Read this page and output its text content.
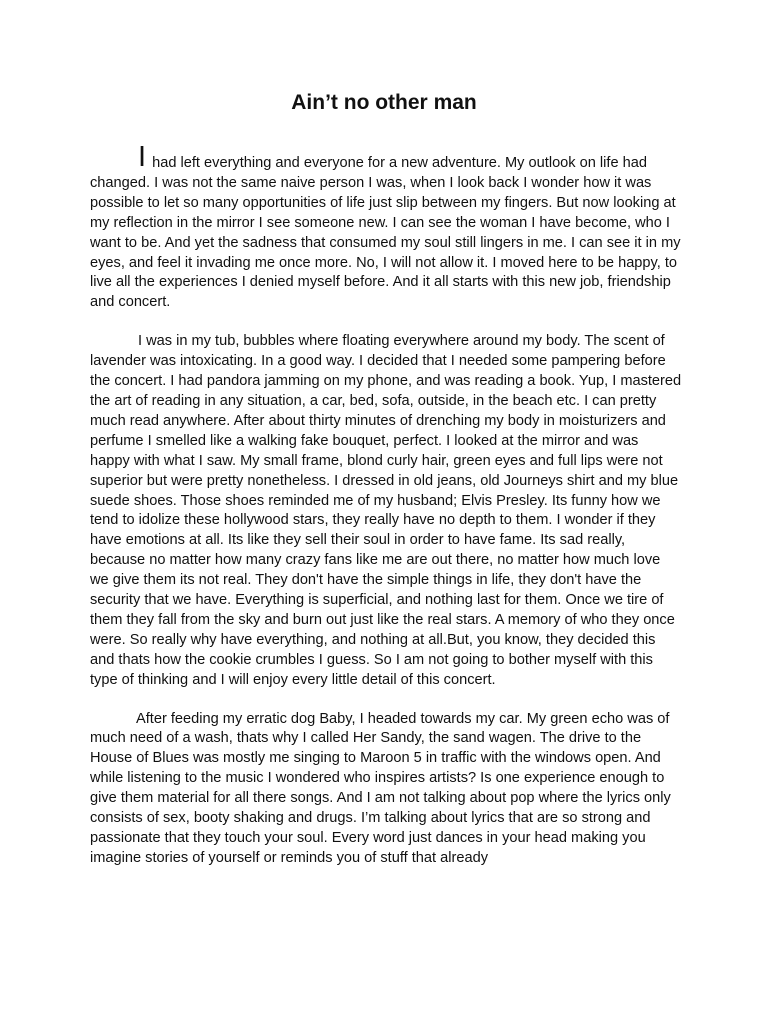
Ain’t no other man

I had left everything and everyone for a new adventure. My outlook on life had changed. I was not the same naive person I was, when I look back I wonder how it was possible to let so many opportunities of life just slip between my fingers. But now looking at my reflection in the mirror I see someone new. I can see the woman I have become, who I want to be. And yet the sadness that consumed my soul still lingers in me. I can see it in my eyes, and feel it invading me once more. No, I will not allow it. I moved here to be happy, to live all the experiences I denied myself before. And it all starts with this new job, friendship and concert.

I was in my tub, bubbles where floating everywhere around my body. The scent of lavender was intoxicating. In a good way. I decided that I needed some pampering before the concert. I had pandora jamming on my phone, and was reading a book. Yup, I mastered the art of reading in any situation, a car, bed, sofa, outside, in the beach etc. I can pretty much read anywhere. After about thirty minutes of drenching my body in moisturizers and perfume I smelled like a walking fake bouquet, perfect. I looked at the mirror and was happy with what I saw. My small frame, blond curly hair, green eyes and full lips were not superior but were pretty nonetheless. I dressed in old jeans, old Journeys shirt and my blue suede shoes. Those shoes reminded me of my husband; Elvis Presley. Its funny how we tend to idolize these hollywood stars, they really have no depth to them. I wonder if they have emotions at all. Its like they sell their soul in order to have fame. Its sad really, because no matter how many crazy fans like me are out there, no matter how much love we give them its not real. They don't have the simple things in life, they don't have the security that we have. Everything is superficial, and nothing last for them. Once we tire of them they fall from the sky and burn out just like the real stars. A memory of who they once were. So really why have everything, and nothing at all.But, you know, they decided this and thats how the cookie crumbles I guess. So I am not going to bother myself with this type of thinking and I will enjoy every little detail of this concert.

After feeding my erratic dog Baby, I headed towards my car. My green echo was of much need of a wash, thats why I called Her Sandy, the sand wagen. The drive to the House of Blues was mostly me singing to Maroon 5 in traffic with the windows open. And while listening to the music I wondered who inspires artists? Is one experience enough to give them material for all there songs. And I am not talking about pop where the lyrics only consists of sex, booty shaking and drugs. I’m talking about lyrics that are so strong and passionate that they touch your soul. Every word just dances in your head making you imagine stories of yourself or reminds you of stuff that already
